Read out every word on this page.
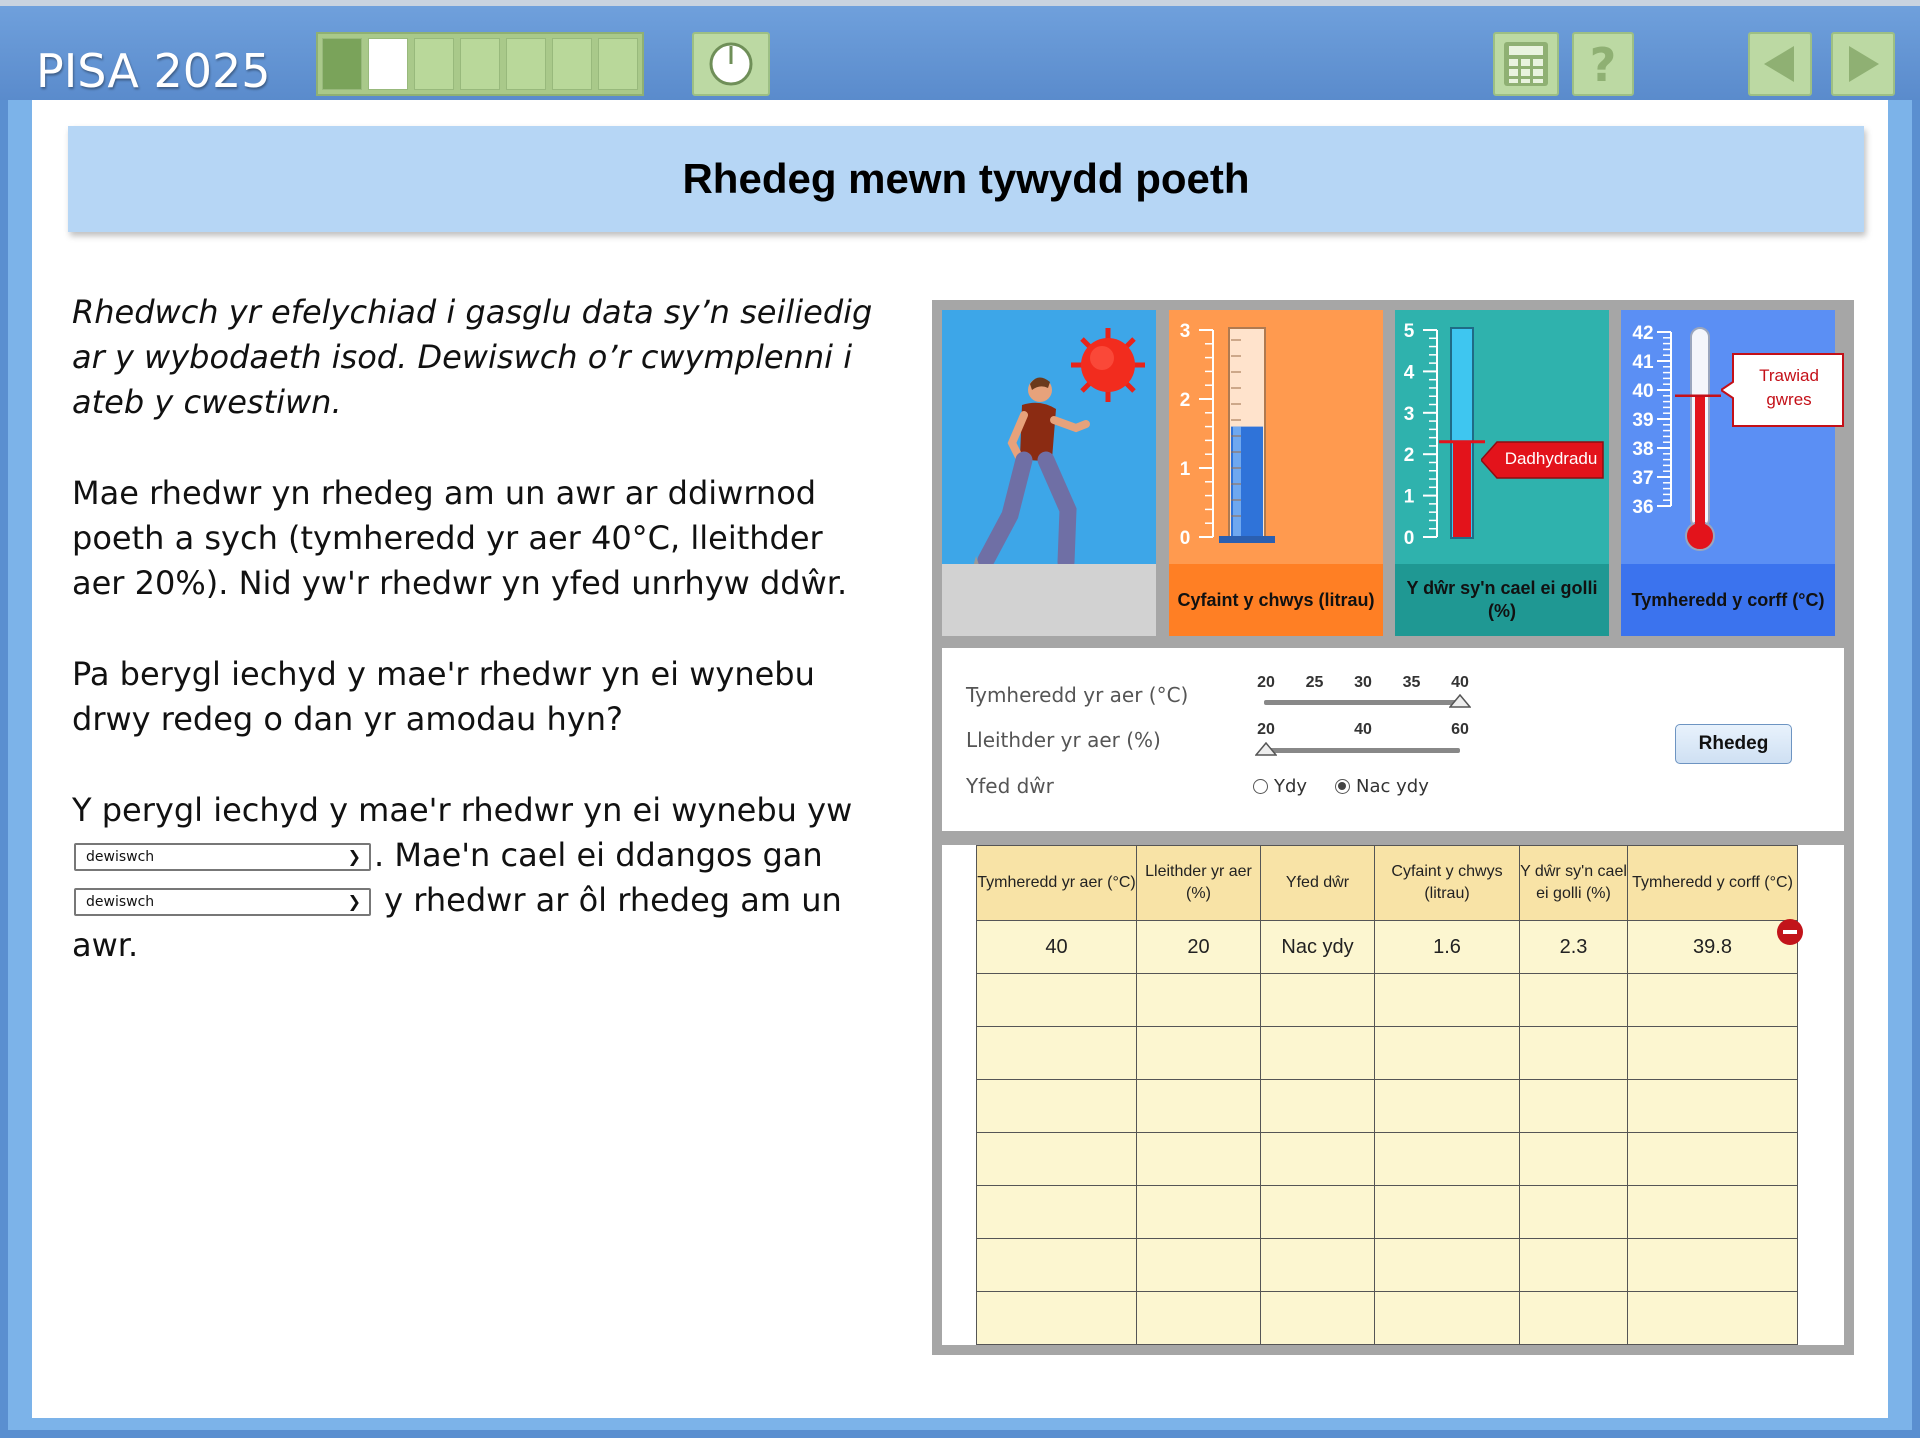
PISA 2025	?
Rhedeg mewn tywydd poeth

Rhedwch yr efelychiad i gasglu data sy’n seiliedig ar y wybodaeth isod. Dewiswch o’r cwymplenni i ateb y cwestiwn.

Mae rhedwr yn rhedeg am un awr ar ddiwrnod poeth a sych (tymheredd yr aer 40°C, lleithder aer 20%). Nid yw'r rhedwr yn yfed unrhyw ddŵr.

Pa berygl iechyd y mae'r rhedwr yn ei wynebu drwy redeg o dan yr amodau hyn?

Y perygl iechyd y mae'r rhedwr yn ei wynebu yw dewiswch	❯ . Mae'n cael ei ddangos gan dewiswch	❯ y rhedwr ar ôl rhedeg am un awr.

3
2
1
0
Cyfaint y chwys (litrau)
5
4
3
2
1
0
Y dŵr sy'n cael ei golli (%)
Dadhydradu
42
41
40
39
38
37
36
Tymheredd y corff (°C)
Trawiad gwres
Tymheredd yr aer (°C)
20 25 30 35 40
Lleithder yr aer (%)	20	40	60
Yfed dŵr	Ydy	Nac ydy
Rhedeg
Tymheredd yr aer (°C)	Lleithder yr aer (%)	Yfed dŵr	Cyfaint y chwys (litrau)	Y dŵr sy'n cael ei golli (%)	Tymheredd y corff (°C)
40	20	Nac ydy	1.6	2.3	39.8
